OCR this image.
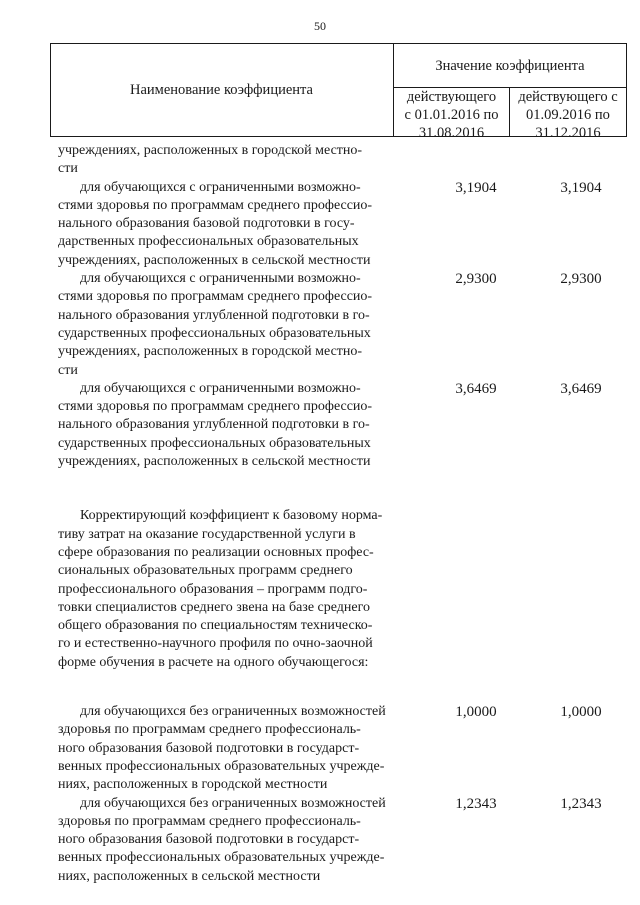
50
Наименование коэффициента
Значение коэффициента
действующего
с 01.01.2016 по
31.08.2016
действующего с
01.09.2016 по
31.12.2016
учреждениях, расположенных в городской местно-
сти
для обучающихся с ограниченными возможно-
стями здоровья по программам среднего профессио-
нального образования базовой подготовки в госу-
дарственных профессиональных образовательных
учреждениях, расположенных в сельской местности
3,1904	3,1904
для обучающихся с ограниченными возможно-
стями здоровья по программам среднего профессио-
нального образования углубленной подготовки в го-
сударственных профессиональных образовательных
учреждениях, расположенных в городской местно-
сти
2,9300	2,9300
для обучающихся с ограниченными возможно-
стями здоровья по программам среднего профессио-
нального образования углубленной подготовки в го-
сударственных профессиональных образовательных
учреждениях, расположенных в сельской местности
3,6469	3,6469
Корректирующий коэффициент к базовому норма-
тиву затрат на оказание государственной услуги в
сфере образования по реализации основных профес-
сиональных образовательных программ среднего
профессионального образования – программ подго-
товки специалистов среднего звена на базе среднего
общего образования по специальностям техническо-
го и естественно-научного профиля по очно-заочной
форме обучения в расчете на одного обучающегося:
для обучающихся без ограниченных возможностей
здоровья по программам среднего профессиональ-
ного образования базовой подготовки в государст-
венных профессиональных образовательных учрежде-
ниях, расположенных в городской местности
1,0000	1,0000
для обучающихся без ограниченных возможностей
здоровья по программам среднего профессиональ-
ного образования базовой подготовки в государст-
венных профессиональных образовательных учрежде-
ниях, расположенных в сельской местности
1,2343	1,2343
